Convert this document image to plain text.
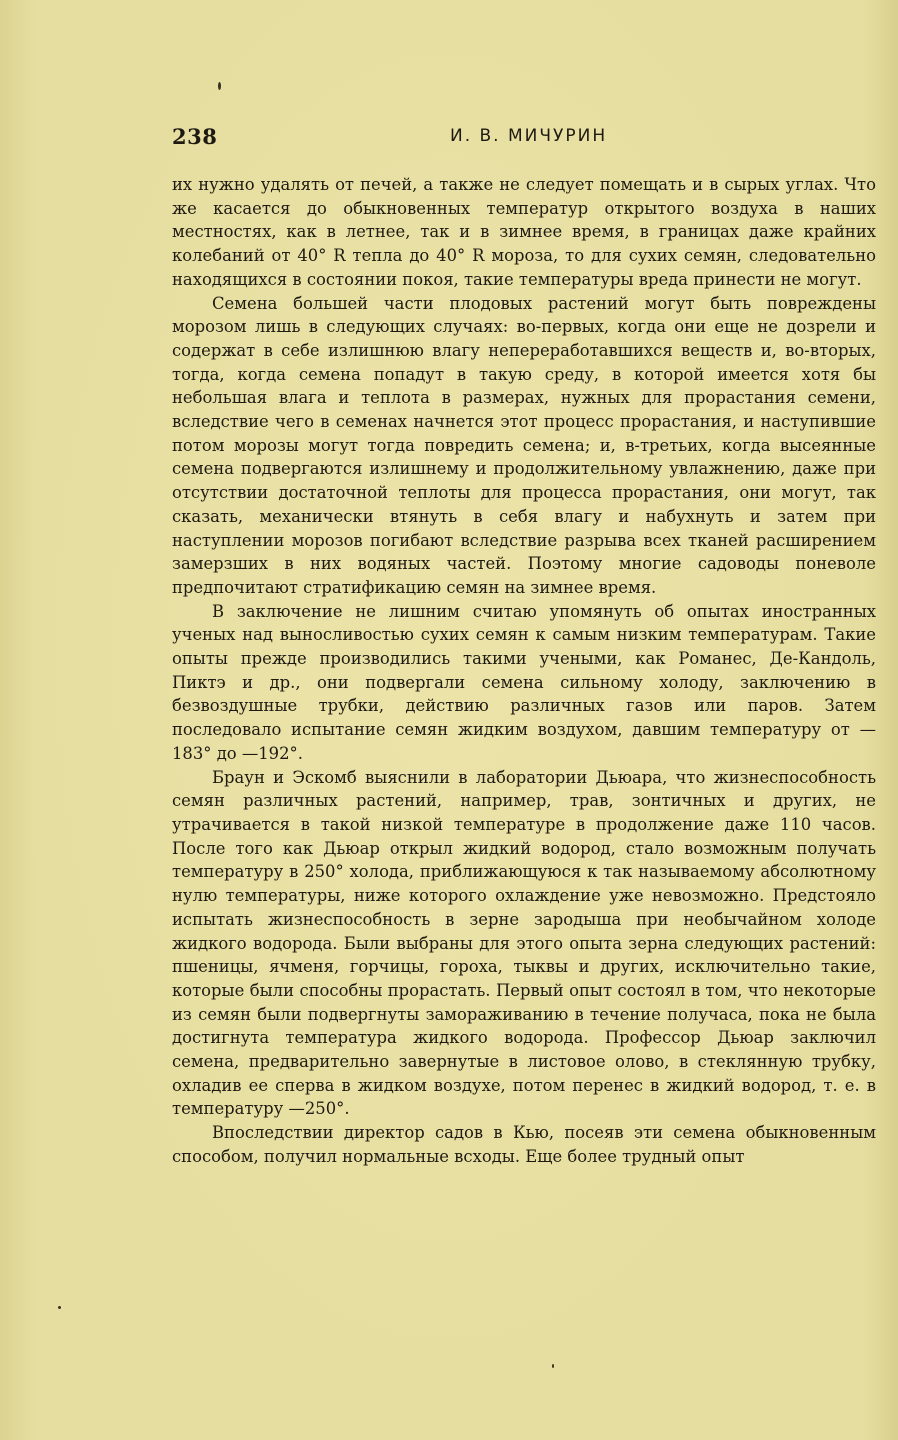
238	И. В. МИЧУРИН

их нужно удалять от печей, а также не следует помещать и в сырых углах. Что же касается до обыкновенных температур открытого воздуха в наших местностях, как в летнее, так и в зимнее время, в границах даже крайних колебаний от 40° R тепла до 40° R мороза, то для сухих семян, следовательно находящихся в состоянии покоя, такие температуры вреда принести не могут.

Семена большей части плодовых растений могут быть повреждены морозом лишь в следующих случаях: во-первых, когда они еще не дозрели и содержат в себе излишнюю влагу непереработавшихся веществ и, во-вторых, тогда, когда семена попадут в такую среду, в которой имеется хотя бы небольшая влага и теплота в размерах, нужных для прорастания семени, вследствие чего в семенах начнется этот процесс прорастания, и наступившие потом морозы могут тогда повредить семена; и, в-третьих, когда высеянные семена подвергаются излишнему и продолжительному увлажнению, даже при отсутствии достаточной теплоты для процесса прорастания, они могут, так сказать, механически втянуть в себя влагу и набухнуть и затем при наступлении морозов погибают вследствие разрыва всех тканей расширением замерзших в них водяных частей. Поэтому многие садоводы поневоле предпочитают стратификацию семян на зимнее время.

В заключение не лишним считаю упомянуть об опытах иностранных ученых над выносливостью сухих семян к самым низким температурам. Такие опыты прежде производились такими учеными, как Романес, Де-Кандоль, Пиктэ и др., они подвергали семена сильному холоду, заключению в безвоздушные трубки, действию различных газов или паров. Затем последовало испытание семян жидким воздухом, давшим температуру от —183° до —192°.

Браун и Эскомб выяснили в лаборатории Дьюара, что жизнеспособность семян различных растений, например, трав, зонтичных и других, не утрачивается в такой низкой температуре в продолжение даже 110 часов. После того как Дьюар открыл жидкий водород, стало возможным получать температуру в 250° холода, приближающуюся к так называемому абсолютному нулю температуры, ниже которого охлаждение уже невозможно. Предстояло испытать жизнеспособность в зерне зародыша при необычайном холоде жидкого водорода. Были выбраны для этого опыта зерна следующих растений: пшеницы, ячменя, горчицы, гороха, тыквы и других, исключительно такие, которые были способны прорастать. Первый опыт состоял в том, что некоторые из семян были подвергнуты замораживанию в течение получаса, пока не была достигнута температура жидкого водорода. Профессор Дьюар заключил семена, предварительно завернутые в листовое олово, в стеклянную трубку, охладив ее сперва в жидком воздухе, потом перенес в жидкий водород, т. е. в температуру —250°.

Впоследствии директор садов в Кью, посеяв эти семена обыкновенным способом, получил нормальные всходы. Еще более трудный опыт
